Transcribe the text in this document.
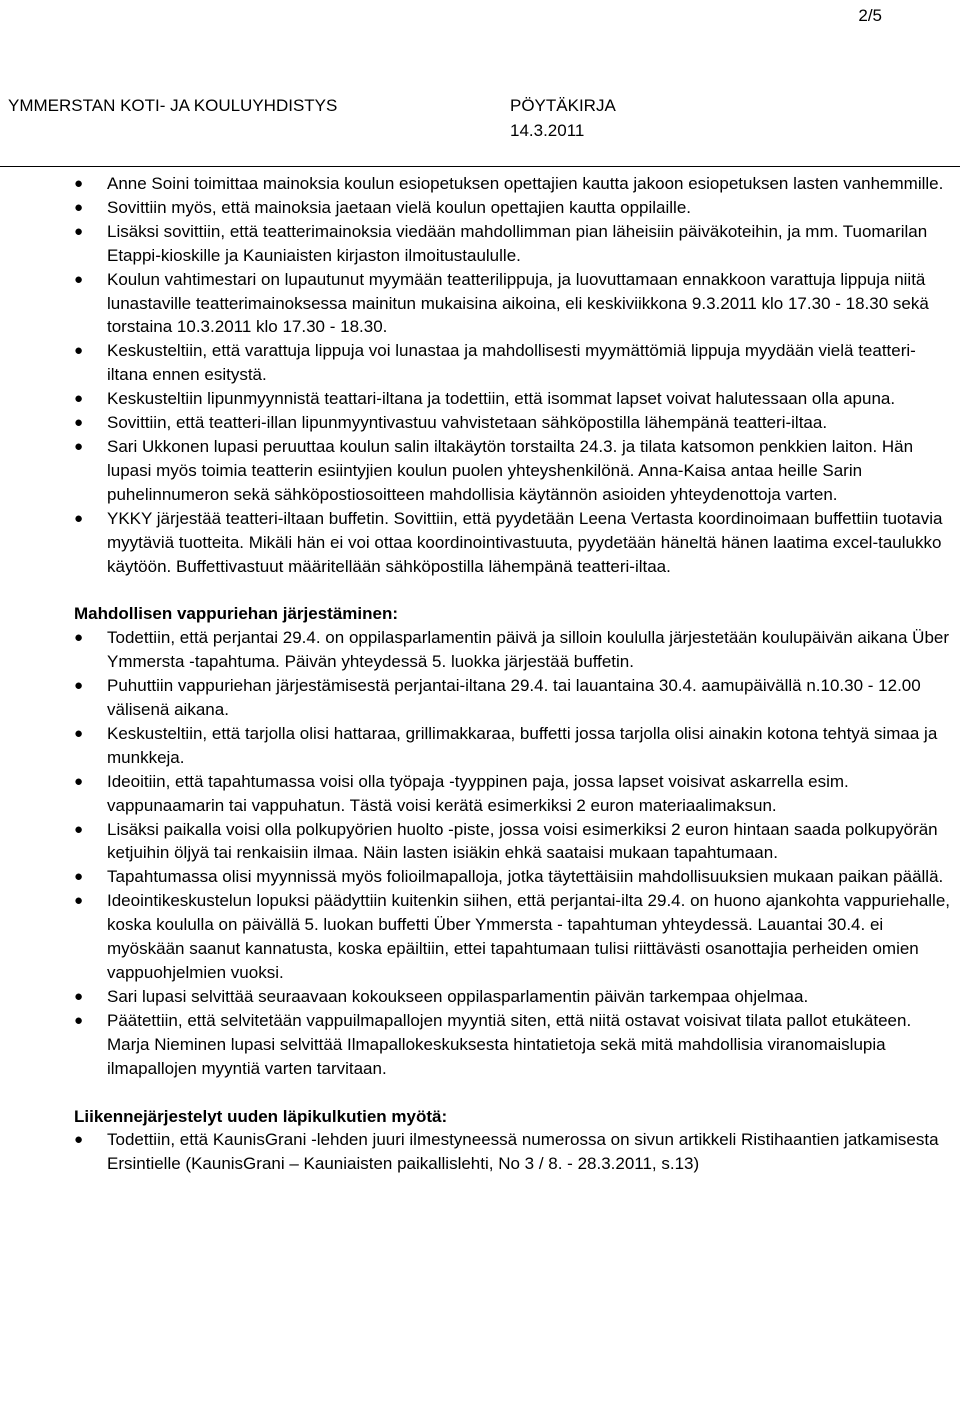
2/5
YMMERSTAN KOTI- JA KOULUYHDISTYS	PÖYTÄKIRJA
14.3.2011
● Anne Soini toimittaa mainoksia koulun esiopetuksen opettajien kautta jakoon esiopetuksen lasten vanhemmille.
● Sovittiin myös, että mainoksia jaetaan vielä koulun opettajien kautta oppilaille.
● Lisäksi sovittiin, että teatterimainoksia viedään mahdollimman pian läheisiin päiväkoteihin, ja mm. Tuomarilan Etappi-kioskille ja Kauniaisten kirjaston ilmoitustaululle.
● Koulun vahtimestari on lupautunut myymään teatterilippuja, ja luovuttamaan ennakkoon varattuja lippuja niitä lunastaville teatterimainoksessa mainitun mukaisina aikoina, eli keskiviikkona 9.3.2011 klo 17.30 - 18.30 sekä torstaina 10.3.2011 klo 17.30 - 18.30.
● Keskusteltiin, että varattuja lippuja voi lunastaa ja mahdollisesti myymättömiä lippuja myydään vielä teatteri-iltana ennen esitystä.
● Keskusteltiin lipunmyynnistä teattari-iltana ja todettiin, että isommat lapset voivat halutessaan olla apuna.
● Sovittiin, että teatteri-illan lipunmyyntivastuu vahvistetaan sähköpostilla lähempänä teatteri-iltaa.
● Sari Ukkonen lupasi peruuttaa koulun salin iltakäytön torstailta 24.3. ja tilata katsomon penkkien laiton. Hän lupasi myös toimia teatterin esiintyjien koulun puolen yhteyshenkilönä. Anna-Kaisa antaa heille Sarin puhelinnumeron sekä sähköpostiosoitteen mahdollisia käytännön asioiden yhteydenottoja varten.
● YKKY järjestää teatteri-iltaan buffetin. Sovittiin, että pyydetään Leena Vertasta koordinoimaan buffettiin tuotavia myytäviä tuotteita. Mikäli hän ei voi ottaa koordinointivastuuta, pyydetään häneltä hänen laatima excel-taulukko käytöön. Buffettivastuut määritellään sähköpostilla lähempänä teatteri-iltaa.
Mahdollisen vappuriehan järjestäminen:
● Todettiin, että perjantai 29.4. on oppilasparlamentin päivä ja silloin koululla järjestetään koulupäivän aikana Über Ymmersta -tapahtuma. Päivän yhteydessä 5. luokka järjestää buffetin.
● Puhuttiin vappuriehan järjestämisestä perjantai-iltana 29.4. tai lauantaina 30.4. aamupäivällä n.10.30 - 12.00 välisenä aikana.
● Keskusteltiin, että tarjolla olisi hattaraa, grillimakkaraa, buffetti jossa tarjolla olisi ainakin kotona tehtyä simaa ja munkkeja.
● Ideoitiin, että tapahtumassa voisi olla työpaja -tyyppinen paja, jossa lapset voisivat askarrella esim. vappunaamarin tai vappuhatun. Tästä voisi kerätä esimerkiksi 2 euron materiaalimaksun.
● Lisäksi paikalla voisi olla polkupyörien huolto -piste, jossa voisi esimerkiksi 2 euron hintaan saada polkupyörän ketjuihin öljyä tai renkaisiin ilmaa. Näin lasten isiäkin ehkä saataisi mukaan tapahtumaan.
● Tapahtumassa olisi myynnissä myös folioilmapalloja, jotka täytettäisiin mahdollisuuksien mukaan paikan päällä.
● Ideointikeskustelun lopuksi päädyttiin kuitenkin siihen, että perjantai-ilta 29.4. on huono ajankohta vappuriehalle, koska koululla on päivällä 5. luokan buffetti Über Ymmersta - tapahtuman yhteydessä. Lauantai 30.4. ei myöskään saanut kannatusta, koska epäiltiin, ettei tapahtumaan tulisi riittävästi osanottajia perheiden omien vappuohjelmien vuoksi.
● Sari lupasi selvittää seuraavaan kokoukseen oppilasparlamentin päivän tarkempaa ohjelmaa.
● Päätettiin, että selvitetään vappuilmapallojen myyntiä siten, että niitä ostavat voisivat tilata pallot etukäteen. Marja Nieminen lupasi selvittää Ilmapallokeskuksesta hintatietoja sekä mitä mahdollisia viranomaislupia ilmapallojen myyntiä varten tarvitaan.
Liikennejärjestelyt uuden läpikulkutien myötä:
● Todettiin, että KaunisGrani -lehden juuri ilmestyneessä numerossa on sivun artikkeli Ristihaantien jatkamisesta Ersintielle (KaunisGrani – Kauniaisten paikallislehti, No 3 / 8. - 28.3.2011, s.13)
